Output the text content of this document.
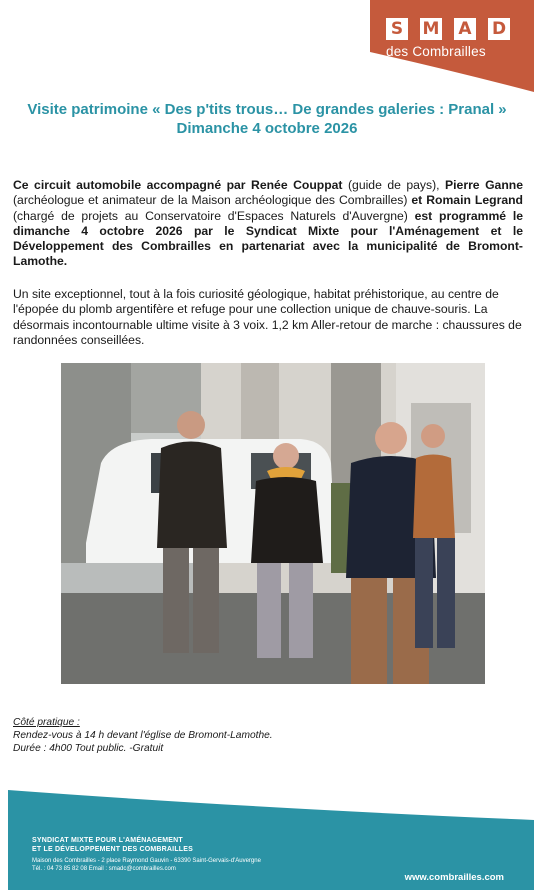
S M A D
des Combrailles
Visite patrimoine « Des p'tits trous… De grandes galeries : Pranal »
Dimanche 4 octobre 2026

Ce circuit automobile accompagné par Renée Couppat (guide de pays), Pierre Ganne (archéologue et animateur de la Maison archéologique des Combrailles) et Romain Legrand (chargé de projets au Conservatoire d'Espaces Naturels d'Auvergne) est programmé le dimanche 4 octobre 2026 par le Syndicat Mixte pour l'Aménagement et le Développement des Combrailles en partenariat avec la municipalité de Bromont-Lamothe.

Un site exceptionnel, tout à la fois curiosité géologique, habitat préhistorique, au centre de l'épopée du plomb argentifère et refuge pour une collection unique de chauve-souris. La désormais incontournable ultime visite à 3 voix. 1,2 km Aller-retour de marche : chaussures de randonnées conseillées.

Côté pratique :
Rendez-vous à 14 h devant l'église de Bromont-Lamothe.
Durée : 4h00 Tout public. -Gratuit
SYNDICAT MIXTE POUR L'AMÉNAGEMENT
ET LE DÉVELOPPEMENT DES COMBRAILLES
Maison des Combrailles - 2 place Raymond Gauvin - 63390 Saint-Gervais-d'Auvergne
Tél. : 04 73 85 82 08 Email : smadc@combrailles.com
www.combrailles.com
